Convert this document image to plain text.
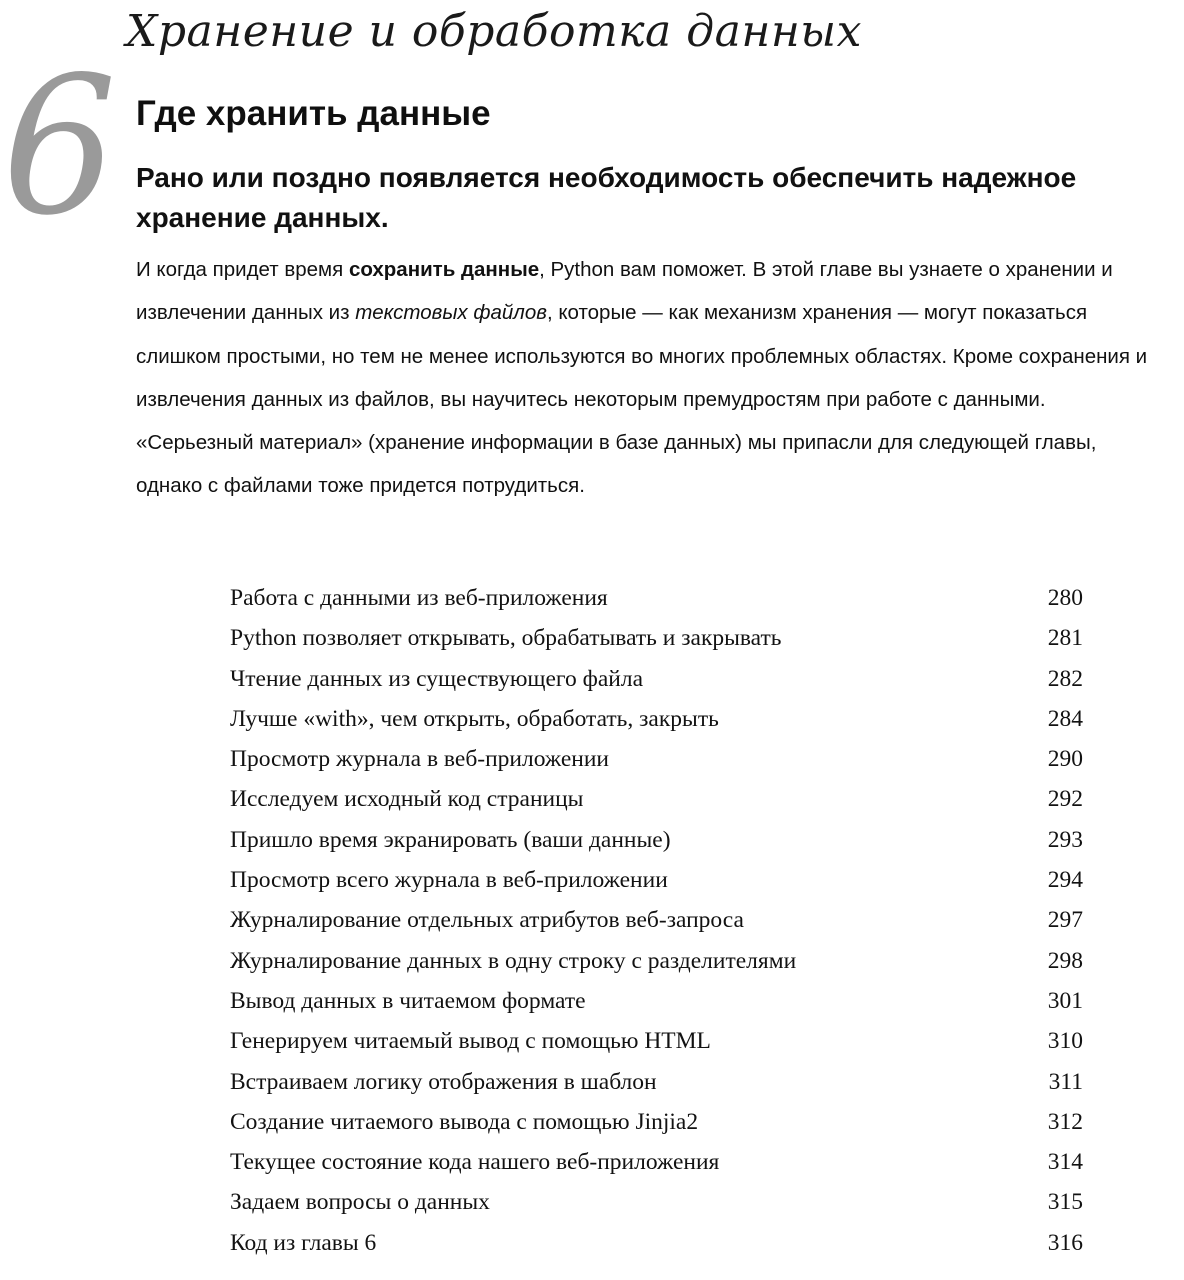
6
Хранение и обработка данных
Где хранить данные

Рано или поздно появляется необходимость обеспечить надежное хранение данных.

И когда придет время сохранить данные, Python вам поможет. В этой главе вы узнаете о хранении и извлечении данных из текстовых файлов, которые — как механизм хранения — могут показаться слишком простыми, но тем не менее используются во многих проблемных областях. Кроме сохранения и извлечения данных из файлов, вы научитесь некоторым премудростям при работе с данными. «Серьезный материал» (хранение информации в базе данных) мы припасли для следующей главы, однако с файлами тоже придется потрудиться.

Работа с данными из веб-приложения	280
Python позволяет открывать, обрабатывать и закрывать	281
Чтение данных из существующего файла	282
Лучше «with», чем открыть, обработать, закрыть	284
Просмотр журнала в веб-приложении	290
Исследуем исходный код страницы	292
Пришло время экранировать (ваши данные)	293
Просмотр всего журнала в веб-приложении	294
Журналирование отдельных атрибутов веб-запроса	297
Журналирование данных в одну строку с разделителями	298
Вывод данных в читаемом формате	301
Генерируем читаемый вывод с помощью HTML	310
Встраиваем логику отображения в шаблон	311
Создание читаемого вывода с помощью Jinjia2	312
Текущее состояние кода нашего веб-приложения	314
Задаем вопросы о данных	315
Код из главы 6	316
